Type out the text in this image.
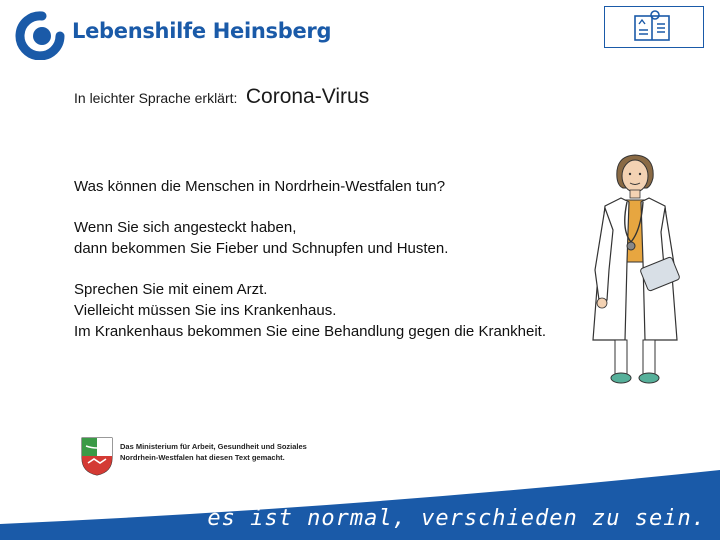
Lebenshilfe Heinsberg
In leichter Sprache erklärt: Corona-Virus

Was können die Menschen in Nordrhein-Westfalen tun?

Wenn Sie sich angesteckt haben,

dann bekommen Sie Fieber und Schnupfen und Husten.

Sprechen Sie mit einem Arzt.

Vielleicht müssen Sie ins Krankenhaus.

Im Krankenhaus bekommen Sie eine Behandlung gegen die Krankheit.

Das Ministerium für Arbeit, Gesundheit und Soziales
Nordrhein-Westfalen hat diesen Text gemacht.
es ist normal, verschieden zu sein.
